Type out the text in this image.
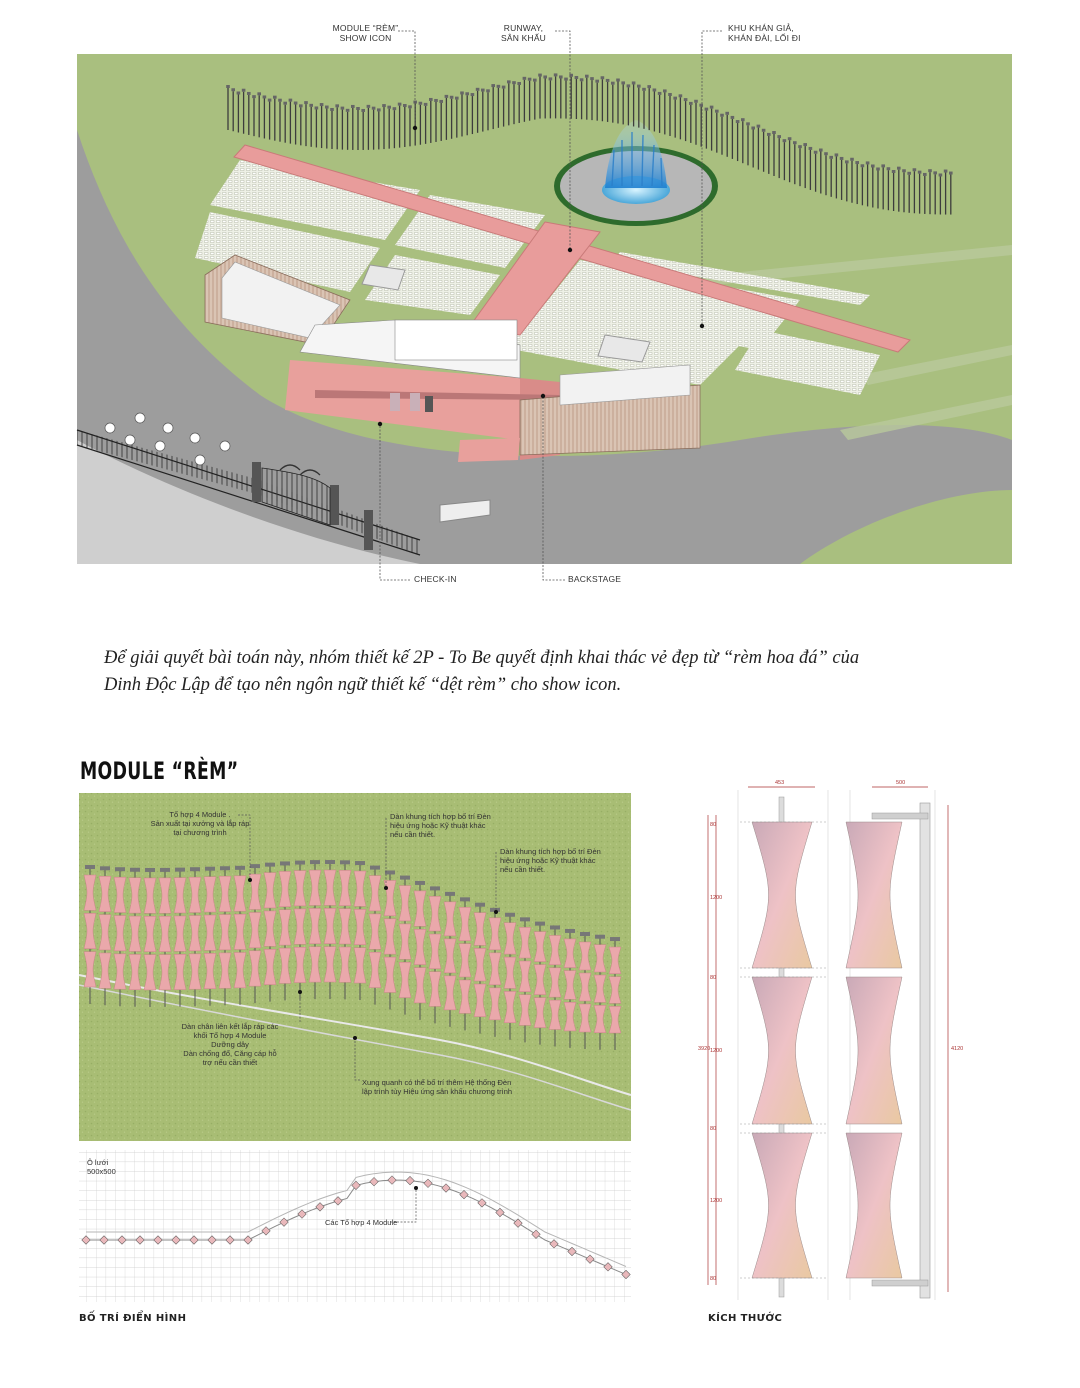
MODULE “RÈM”
SHOW ICON
RUNWAY,
SÂN KHẤU
KHU KHÁN GIẢ,
KHÁN ĐÀI, LỐI ĐI
CHECK-IN	BACKSTAGE
Để giải quyết bài toán này, nhóm thiết kế 2P - To Be quyết định khai thác vẻ đẹp từ “rèm hoa đá” của
Dinh Độc Lập để tạo nên ngôn ngữ thiết kế “dệt rèm” cho show icon.
MODULE “RÈM”
Tổ hợp 4 Module .
Sản xuất tại xưởng và lắp ráp
tại chương trình
Dàn khung tích hợp bố trí Đèn
hiệu ứng hoặc Kỹ thuật khác
nếu cần thiết.
Dàn khung tích hợp bố trí Đèn
hiệu ứng hoặc Kỹ thuật khác
nếu cần thiết.
Dàn chân liên kết lắp ráp các
khối Tổ hợp 4 Module
Dưỡng dây
Dàn chống đổ, Căng cáp hỗ
trợ nếu cần thiết
Xung quanh có thể bố trí thêm Hệ thống Đèn
lập trình tùy Hiệu ứng sân khấu chương trình
Ô lưới
500x500
Các Tổ hợp 4 Module
453	500
80
1200
80
1200
80
1200
80
3920	4120
BỐ TRÍ ĐIỂN HÌNH	KÍCH THƯỚC
